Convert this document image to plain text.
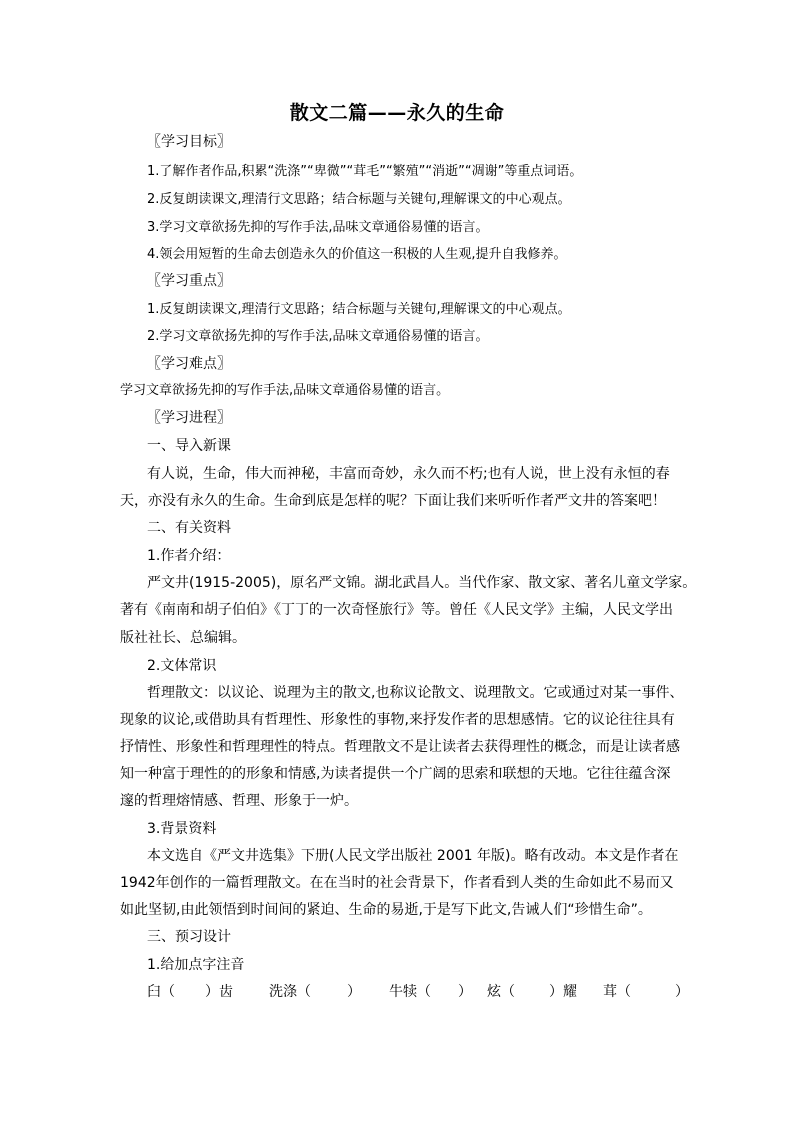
散文二篇——永久的生命
〖学习目标〗
1.了解作者作品,积累“洗涤”“卑微”“茸毛”“繁殖”“消逝”“凋谢”等重点词语。
2.反复朗读课文,理清行文思路；结合标题与关键句,理解课文的中心观点。
3.学习文章欲扬先抑的写作手法,品味文章通俗易懂的语言。
4.领会用短暂的生命去创造永久的价值这一积极的人生观,提升自我修养。
〖学习重点〗
1.反复朗读课文,理清行文思路；结合标题与关键句,理解课文的中心观点。
2.学习文章欲扬先抑的写作手法,品味文章通俗易懂的语言。
〖学习难点〗
学习文章欲扬先抑的写作手法,品味文章通俗易懂的语言。
〖学习进程〗
一、导入新课
有人说，生命，伟大而神秘，丰富而奇妙，永久而不朽;也有人说，世上没有永恒的春
天，亦没有永久的生命。生命到底是怎样的呢？下面让我们来听听作者严文井的答案吧！
二、有关资料
1.作者介绍：
严文井(1915-2005)，原名严文锦。湖北武昌人。当代作家、散文家、著名儿童文学家。
著有《南南和胡子伯伯》《丁丁的一次奇怪旅行》等。曾任《人民文学》主编，人民文学出
版社社长、总编辑。
2.文体常识
哲理散文：以议论、说理为主的散文,也称议论散文、说理散文。它或通过对某一事件、
现象的议论,或借助具有哲理性、形象性的事物,来抒发作者的思想感情。它的议论往往具有
抒情性、形象性和哲理理性的特点。哲理散文不是让读者去获得理性的概念，而是让读者感
知一种富于理性的的形象和情感,为读者提供一个广阔的思索和联想的天地。它往往蕴含深
邃的哲理熔情感、哲理、形象于一炉。
3.背景资料
本文选自《严文井选集》下册(人民文学出版社 2001 年版)。略有改动。本文是作者在
1942年创作的一篇哲理散文。在在当时的社会背景下，作者看到人类的生命如此不易而又
如此坚韧,由此领悟到时间间的紧迫、生命的易逝,于是写下此文,告诫人们“珍惜生命”。
三、预习设计
1.给加点字注音
臼（ ）齿	洗涤（	） 牛犊（ ） 炫（ ）耀 茸（	）
